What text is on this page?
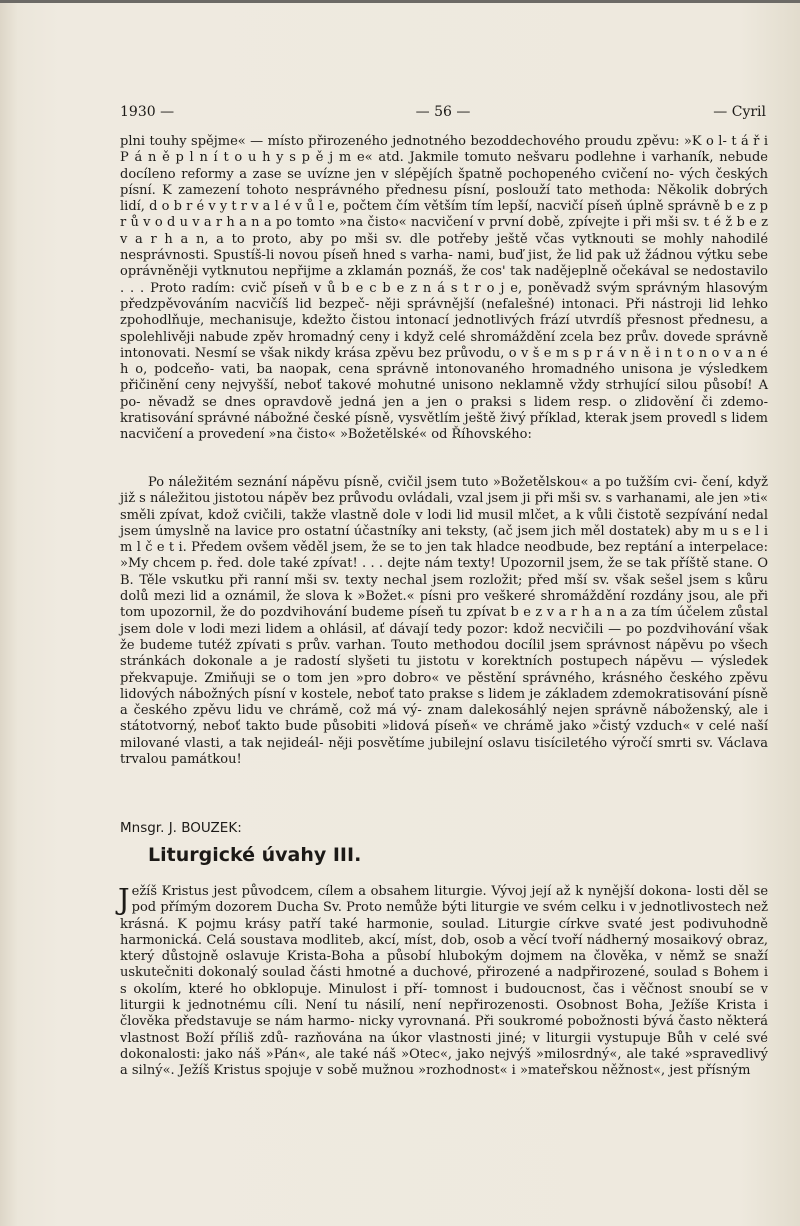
1930 —	— 56 —	— Cyril

plni touhy spějme« — místo přirozeného jednotného bezoddechového proudu zpěvu: »K o l- t á ř i P á n ě p l n í t o u h y s p ě j m e« atd. Jakmile tomuto nešvaru podlehne i varhaník, nebude docíleno reformy a zase se uvízne jen v slépějích špatně pochopeného cvičení no- vých českých písní. K zamezení tohoto nesprávného přednesu písní, poslouží tato methoda: Několik dobrých lidí, d o b r é v y t r v a l é v ů l e, počtem čím větším tím lepší, nacvičí píseň úplně správně b e z p r ů v o d u v a r h a n a po tomto »na čisto« nacvičení v první době, zpívejte i při mši sv. t é ž b e z v a r h a n, a to proto, aby po mši sv. dle potřeby ještě včas vytknouti se mohly nahodilé nesprávnosti. Spustíš-li novou píseň hned s varha- nami, buď jist, že lid pak už žádnou výtku sebe oprávněněji vytknutou nepřijme a zklamán poznáš, že cos' tak nadějeplně očekával se nedostavilo . . . Proto radím: cvič píseň v ů b e c b e z n á s t r o j e, poněvadž svým správným hlasovým předzpěvováním nacvičíš lid bezpeč- něji správnější (nefalešné) intonaci. Při nástroji lid lehko zpohodlňuje, mechanisuje, kdežto čistou intonací jednotlivých frází utvrdíš přesnost přednesu, a spolehlivěji nabude zpěv hromadný ceny i když celé shromáždění zcela bez prův. dovede správně intonovati. Nesmí se však nikdy krása zpěvu bez průvodu, o v š e m s p r á v n ě i n t o n o v a n é h o, podceňo- vati, ba naopak, cena správně intonovaného hromadného unisona je výsledkem přičinění ceny nejvyšší, neboť takové mohutné unisono neklamně vždy strhující silou působí! A po- něvadž se dnes opravdově jedná jen a jen o praksi s lidem resp. o zlidovění či zdemo- kratisování správné nábožné české písně, vysvětlím ještě živý příklad, kterak jsem provedl s lidem nacvičení a provedení »na čisto« »Božetělské« od Říhovského:

Po náležitém seznání nápěvu písně, cvičil jsem tuto »Božetělskou« a po tužším cvi- čení, když již s náležitou jistotou nápěv bez průvodu ovládali, vzal jsem ji při mši sv. s varhanami, ale jen »ti« směli zpívat, kdož cvičili, takže vlastně dole v lodi lid musil mlčet, a k vůli čistotě sezpívání nedal jsem úmyslně na lavice pro ostatní účastníky ani teksty, (ač jsem jich měl dostatek) aby m u s e l i m l č e t i. Předem ovšem věděl jsem, že se to jen tak hladce neodbude, bez reptání a interpelace: »My chcem p. řed. dole také zpívat! . . . dejte nám texty! Upozornil jsem, že se tak příště stane. O B. Těle vskutku při ranní mši sv. texty nechal jsem rozložit; před mší sv. však sešel jsem s kůru dolů mezi lid a oznámil, že slova k »Božet.« písni pro veškeré shromáždění rozdány jsou, ale při tom upozornil, že do pozdvihování budeme píseň tu zpívat b e z v a r h a n a za tím účelem zůstal jsem dole v lodi mezi lidem a ohlásil, ať dávají tedy pozor: kdož necvičili — po pozdvihování však že budeme tutéž zpívati s prův. varhan. Touto methodou docílil jsem správnost nápěvu po všech stránkách dokonale a je radostí slyšeti tu jistotu v korektních postupech nápěvu — výsledek překvapuje. Zmiňuji se o tom jen »pro dobro« ve pěstění správného, krásného českého zpěvu lidových nábožných písní v kostele, neboť tato prakse s lidem je základem zdemokratisování písně a českého zpěvu lidu ve chrámě, což má vý- znam dalekosáhlý nejen správně náboženský, ale i státotvorný, neboť takto bude působiti »lidová píseň« ve chrámě jako »čistý vzduch« v celé naší milované vlasti, a tak nejideál- něji posvětíme jubilejní oslavu tisíciletého výročí smrti sv. Václava trvalou památkou!

Mnsgr. J. BOUZEK:
Liturgické úvahy III.

J ežíš Kristus jest původcem, cílem a obsahem liturgie. Vývoj její až k nynější dokona- losti děl se pod přímým dozorem Ducha Sv. Proto nemůže býti liturgie ve svém celku i v jednotlivostech než krásná. K pojmu krásy patří také harmonie, soulad. Liturgie církve svaté jest podivuhodně harmonická. Celá soustava modliteb, akcí, míst, dob, osob a věcí tvoří nádherný mosaikový obraz, který důstojně oslavuje Krista-Boha a působí hlubokým dojmem na člověka, v němž se snaží uskutečniti dokonalý soulad části hmotné a duchové, přirozené a nadpřirozené, soulad s Bohem i s okolím, které ho obklopuje. Minulost i pří- tomnost i budoucnost, čas i věčnost snoubí se v liturgii k jednotnému cíli. Není tu násilí, není nepřirozenosti. Osobnost Boha, Ježíše Krista i člověka představuje se nám harmo- nicky vyrovnaná. Při soukromé pobožnosti bývá často některá vlastnost Boží příliš zdů- razňována na úkor vlastnosti jiné; v liturgii vystupuje Bůh v celé své dokonalosti: jako náš »Pán«, ale také náš »Otec«, jako nejvýš »milosrdný«, ale také »spravedlivý a silný«. Ježíš Kristus spojuje v sobě mužnou »rozhodnost« i »mateřskou něžnost«, jest přísným
